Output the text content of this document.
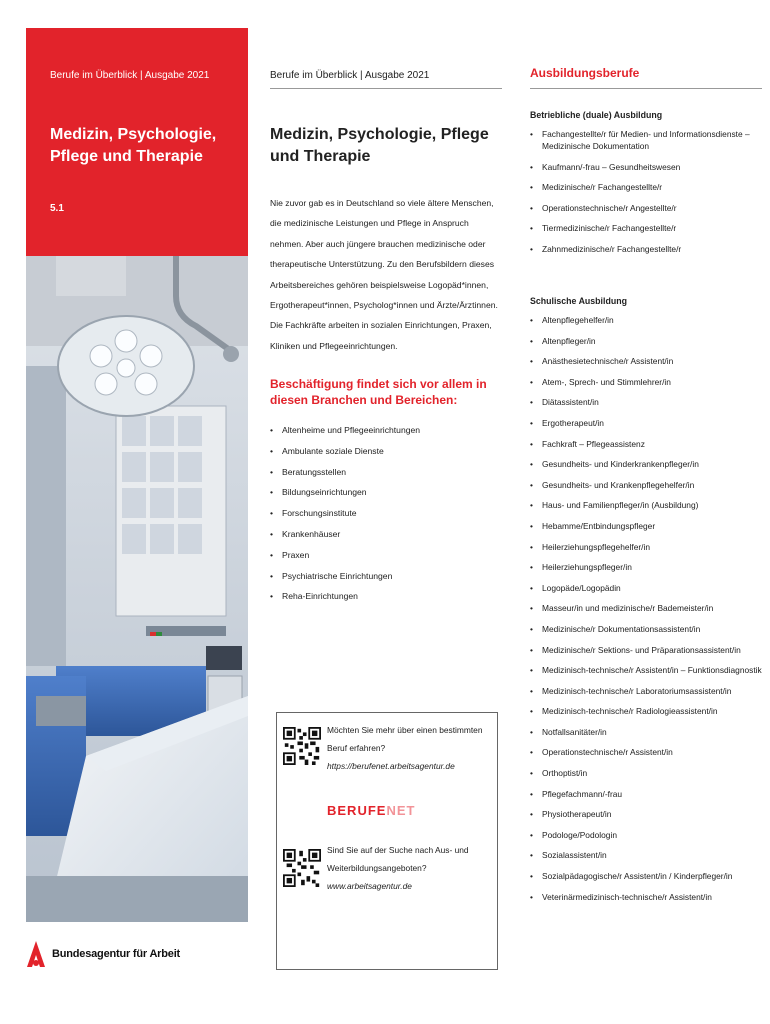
Berufe im Überblick | Ausgabe 2021
Medizin, Psychologie, Pflege und Therapie
5.1
Bundesagentur für Arbeit
Berufe im Überblick | Ausgabe 2021
Medizin, Psychologie, Pflege und Therapie

Nie zuvor gab es in Deutschland so viele ältere Menschen, die medizinische Leistungen und Pflege in Anspruch nehmen. Aber auch jüngere brauchen medizinische oder therapeutische Unterstützung. Zu den Berufsbildern dieses Arbeitsbereiches gehören beispielsweise Logopäd*innen, Ergotherapeut*innen, Psycholog*innen und Ärzte/Ärztinnen. Die Fachkräfte arbeiten in sozialen Einrichtungen, Praxen, Kliniken und Pflegeeinrichtungen.

Beschäftigung findet sich vor allem in diesen Branchen und Bereichen:
• Altenheime und Pflegeeinrichtungen
• Ambulante soziale Dienste
• Beratungsstellen
• Bildungseinrichtungen
• Forschungsinstitute
• Krankenhäuser
• Praxen
• Psychiatrische Einrichtungen
• Reha-Einrichtungen
Möchten Sie mehr über einen bestimmten Beruf erfahren?
https://berufenet.arbeitsagentur.de
BERUFENET
Sind Sie auf der Suche nach Aus- und Weiterbildungsangeboten?
www.arbeitsagentur.de
Ausbildungsberufe
Betriebliche (duale) Ausbildung
• Fachangestellte/r für Medien- und Informationsdienste – Medizinische Dokumentation
• Kaufmann/-frau – Gesundheitswesen
• Medizinische/r Fachangestellte/r
• Operationstechnische/r Angestellte/r
• Tiermedizinische/r Fachangestellte/r
• Zahnmedizinische/r Fachangestellte/r
Schulische Ausbildung
• Altenpflegehelfer/in
• Altenpfleger/in
• Anästhesietechnische/r Assistent/in
• Atem-, Sprech- und Stimmlehrer/in
• Diätassistent/in
• Ergotherapeut/in
• Fachkraft – Pflegeassistenz
• Gesundheits- und Kinderkrankenpfleger/in
• Gesundheits- und Krankenpflegehelfer/in
• Haus- und Familienpfleger/in (Ausbildung)
• Hebamme/Entbindungspfleger
• Heilerziehungspflegehelfer/in
• Heilerziehungspfleger/in
• Logopäde/Logopädin
• Masseur/in und medizinische/r Bademeister/in
• Medizinische/r Dokumentationsassistent/in
• Medizinische/r Sektions- und Präparationsassistent/in
• Medizinisch-technische/r Assistent/in – Funktionsdiagnostik
• Medizinisch-technische/r Laboratoriumsassistent/in
• Medizinisch-technische/r Radiologieassistent/in
• Notfallsanitäter/in
• Operationstechnische/r Assistent/in
• Orthoptist/in
• Pflegefachmann/-frau
• Physiotherapeut/in
• Podologe/Podologin
• Sozialassistent/in
• Sozialpädagogische/r Assistent/in / Kinderpfleger/in
• Veterinärmedizinisch-technische/r Assistent/in
